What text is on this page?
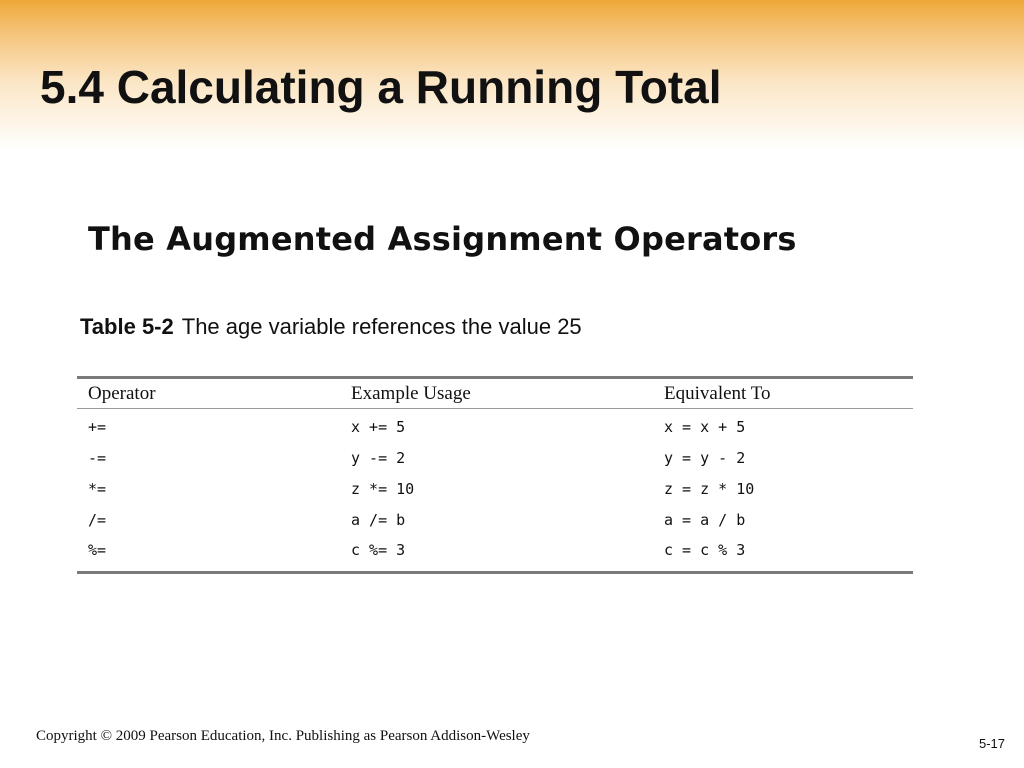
5.4 Calculating a Running Total
The Augmented Assignment Operators
Table 5-2 The age variable references the value 25
Operator	Example Usage	Equivalent To
+=	x += 5	x = x + 5
-=	y -= 2	y = y - 2
*=	z *= 10	z = z * 10
/=	a /= b	a = a / b
%=	c %= 3	c = c % 3
Copyright © 2009 Pearson Education, Inc. Publishing as Pearson Addison-Wesley	5-17
